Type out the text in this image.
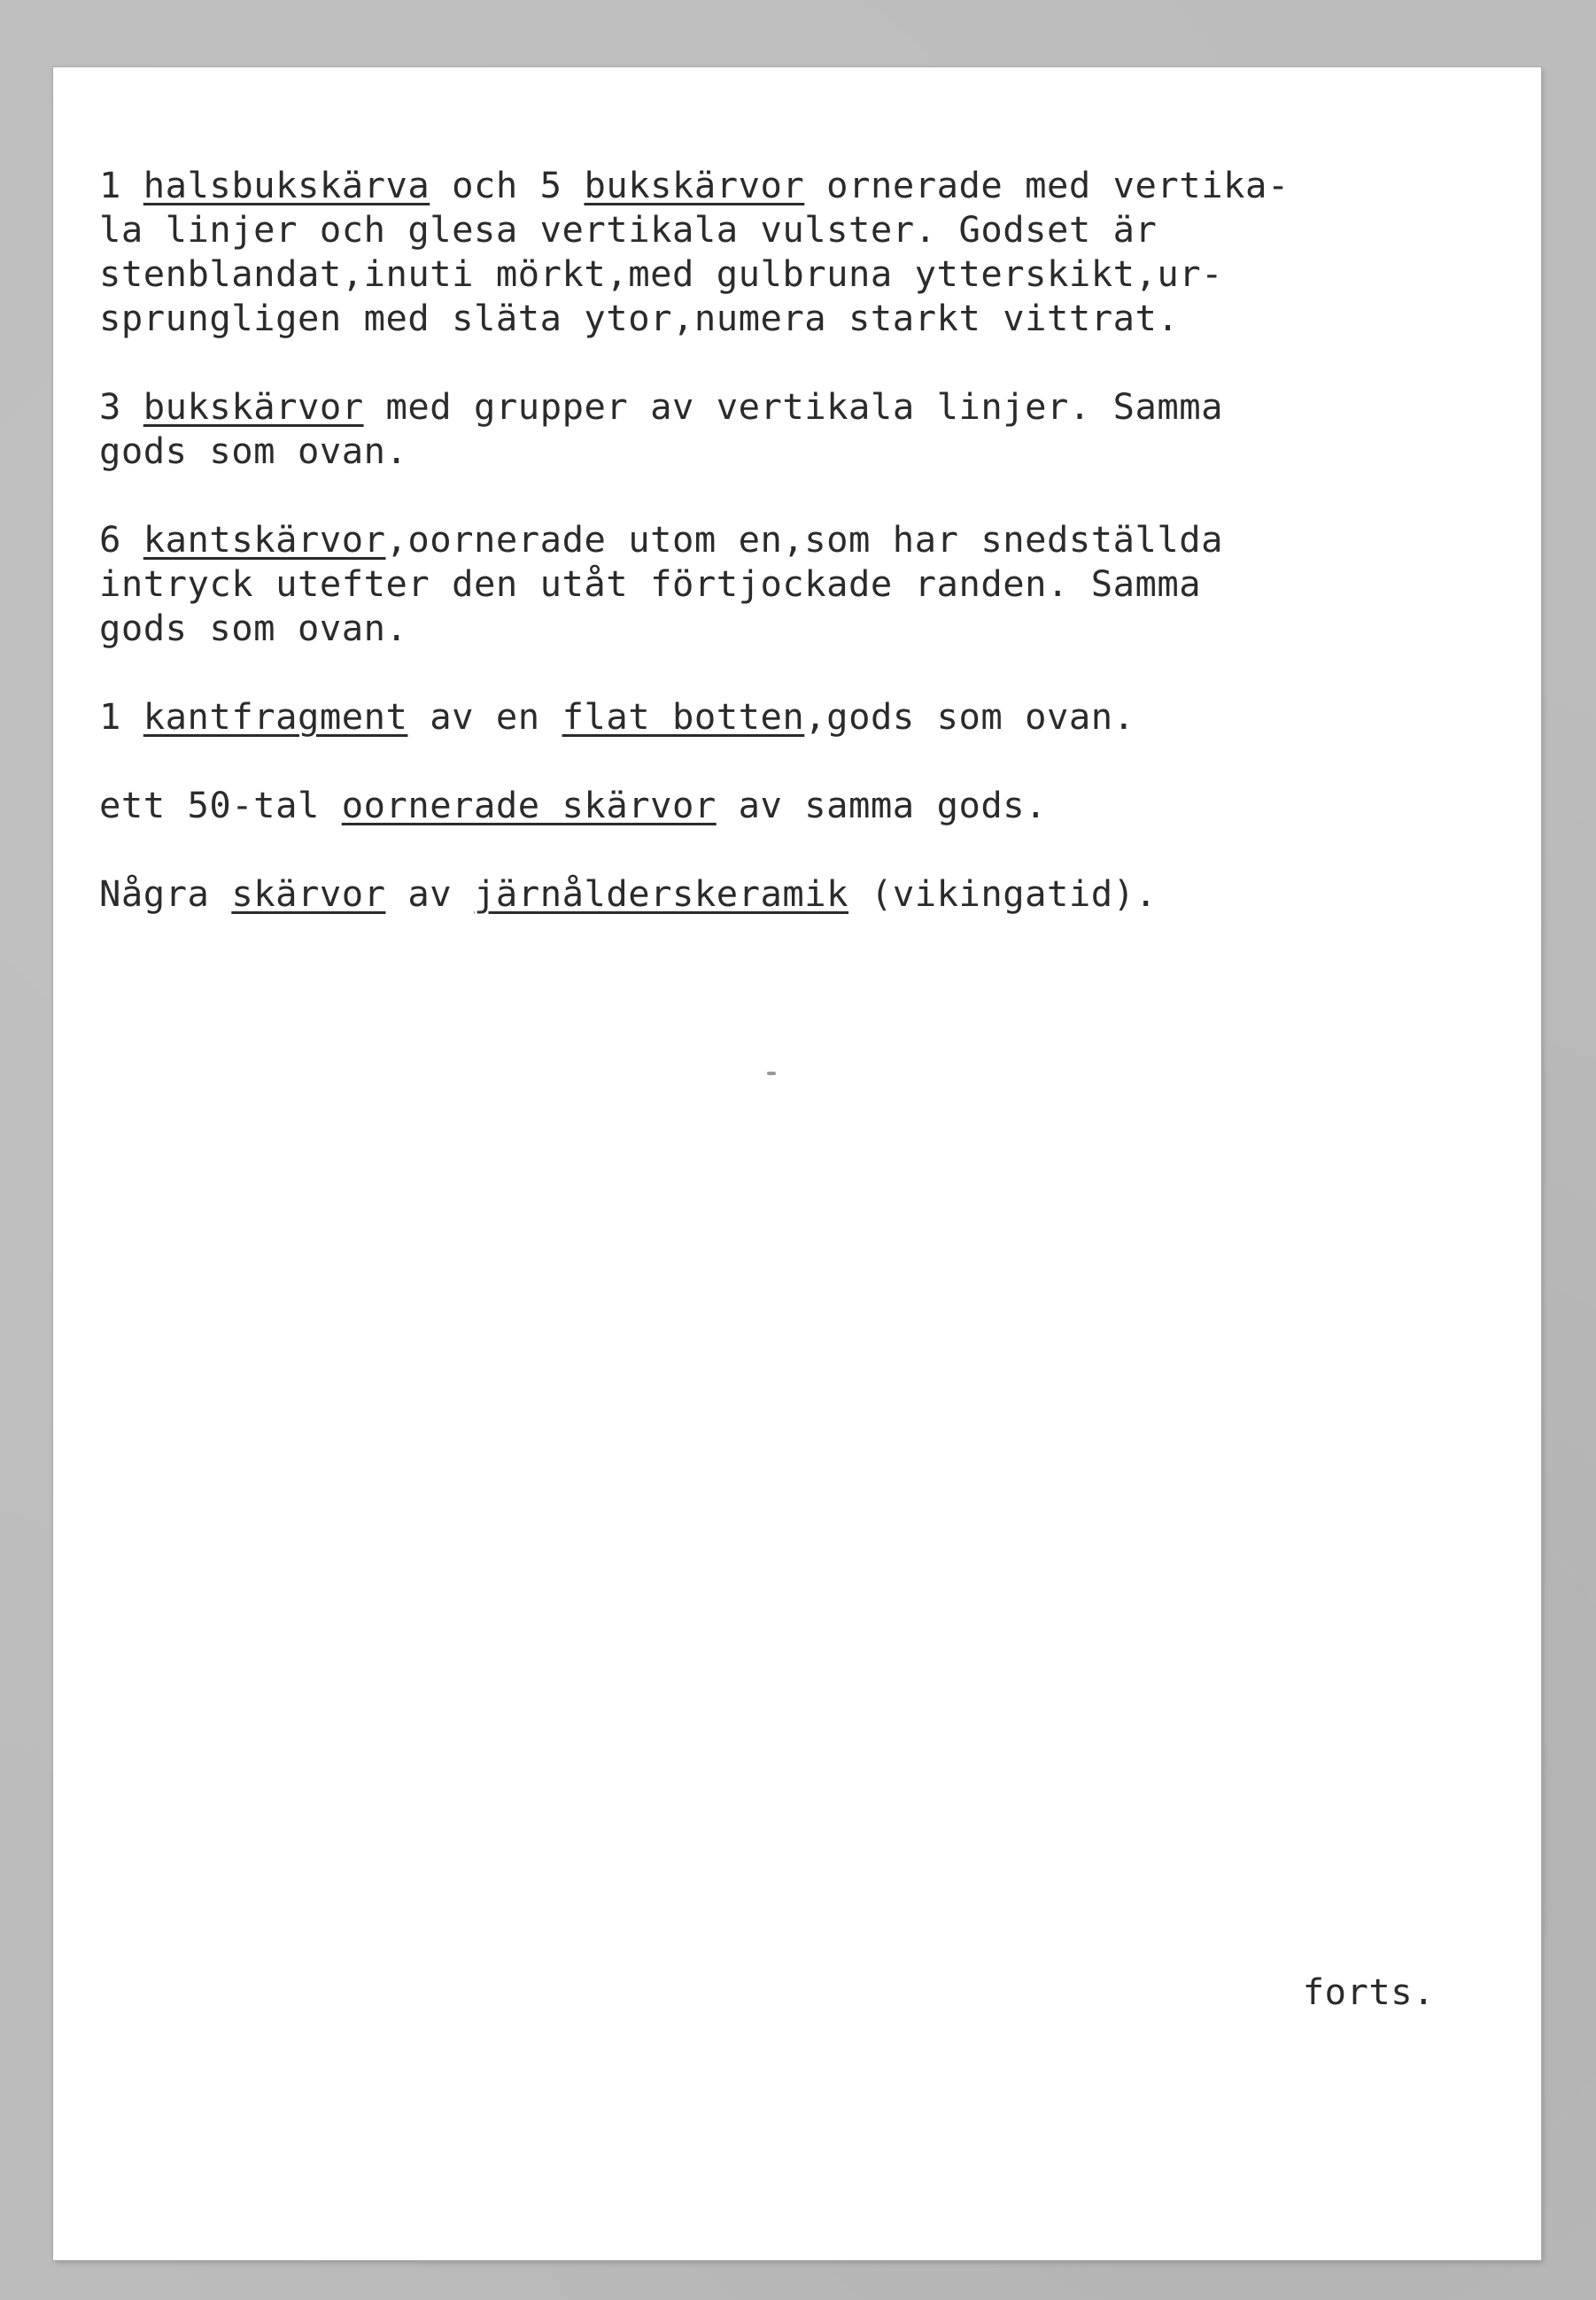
1 halsbukskärva och 5 bukskärvor ornerade med vertika-
la linjer och glesa vertikala vulster. Godset är
stenblandat,inuti mörkt,med gulbruna ytterskikt,ur-
sprungligen med släta ytor,numera starkt vittrat.
3 bukskärvor med grupper av vertikala linjer. Samma
gods som ovan.
6 kantskärvor,oornerade utom en,som har snedställda
intryck utefter den utåt förtjockade randen. Samma
gods som ovan.
1 kantfragment av en flat botten,gods som ovan.
ett 50-tal oornerade skärvor av samma gods.
Några skärvor av järnålderskeramik (vikingatid).
forts.
